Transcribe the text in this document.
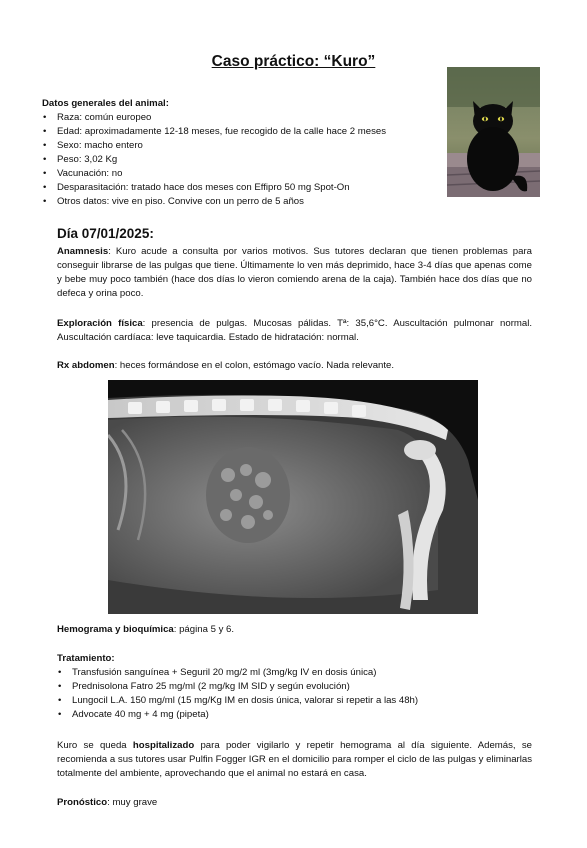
Caso práctico: “Kuro”
Datos generales del animal:
• Raza: común europeo
• Edad: aproximadamente 12-18 meses, fue recogido de la calle hace 2 meses
• Sexo: macho entero
• Peso: 3,02 Kg
• Vacunación: no
• Desparasitación: tratado hace dos meses con Effipro 50 mg Spot-On
• Otros datos: vive en piso. Convive con un perro de 5 años
Día 07/01/2025:
Anamnesis: Kuro acude a consulta por varios motivos. Sus tutores declaran que tienen problemas para conseguir librarse de las pulgas que tiene. Últimamente lo ven más deprimido, hace 3-4 días que apenas come y bebe muy poco también (hace dos días lo vieron comiendo arena de la caja). También hace dos días que no defeca y orina poco.
Exploración física: presencia de pulgas. Mucosas pálidas. Tª: 35,6°C. Auscultación pulmonar normal. Auscultación cardíaca: leve taquicardia. Estado de hidratación: normal.
Rx abdomen: heces formándose en el colon, estómago vacío. Nada relevante.
Hemograma y bioquímica: página 5 y 6.
Tratamiento:
• Transfusión sanguínea + Seguril 20 mg/2 ml (3mg/kg IV en dosis única)
• Prednisolona Fatro 25 mg/ml (2 mg/kg IM SID y según evolución)
• Lungocil L.A. 150 mg/ml (15 mg/Kg IM en dosis única, valorar si repetir a las 48h)
• Advocate 40 mg + 4 mg (pipeta)
Kuro se queda hospitalizado para poder vigilarlo y repetir hemograma al día siguiente. Además, se recomienda a sus tutores usar Pulfin Fogger IGR en el domicilio para romper el ciclo de las pulgas y eliminarlas totalmente del ambiente, aprovechando que el animal no estará en casa.
Pronóstico: muy grave
